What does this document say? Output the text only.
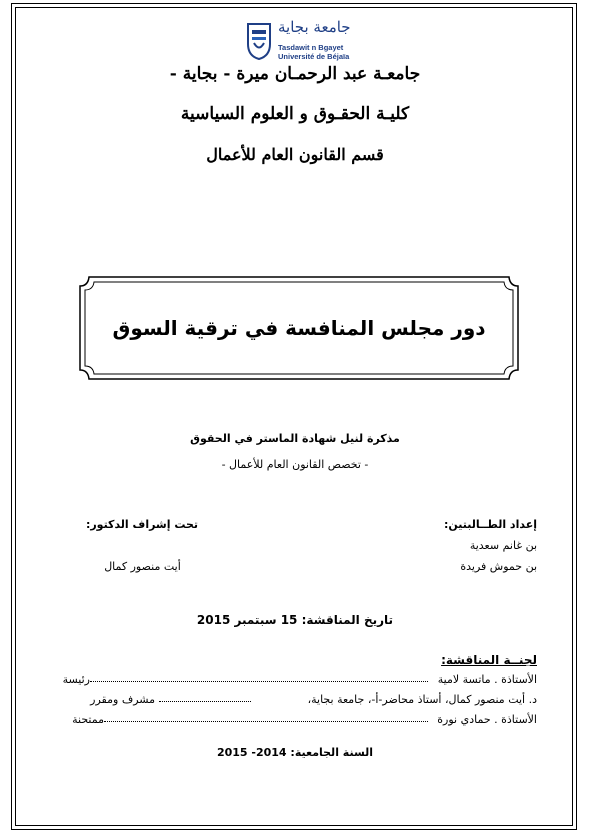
جامعة بجاية
Tasdawit n Bgayet
Université de Béjaïa
جامعـة عبد الرحمـان ميرة - بجاية -
كليـة الحقـوق و العلوم السياسية
قسم القانون العام للأعمال
دور مجلس المنافسة في ترقية السوق
مذكرة لنيل شهادة الماستر في الحقوق
- تخصص القانون العام للأعمال -
إعداد الطــالبتين:
بن غانم سعدية
بن حموش فريدة
تحت إشراف الدكتور:
أيت منصور كمال
تاريخ المناقشة: 15 سبتمبر 2015
لجنــة المناقشة:
الأستاذة . ماتسة لامية
رئيسة
د. أيت منصور كمال، أستاذ محاضر-أ-، جامعة بجاية،
مشرف ومقرر
الأستاذة . حمادي نورة
ممتحنة
السنة الجامعية: 2014- 2015
